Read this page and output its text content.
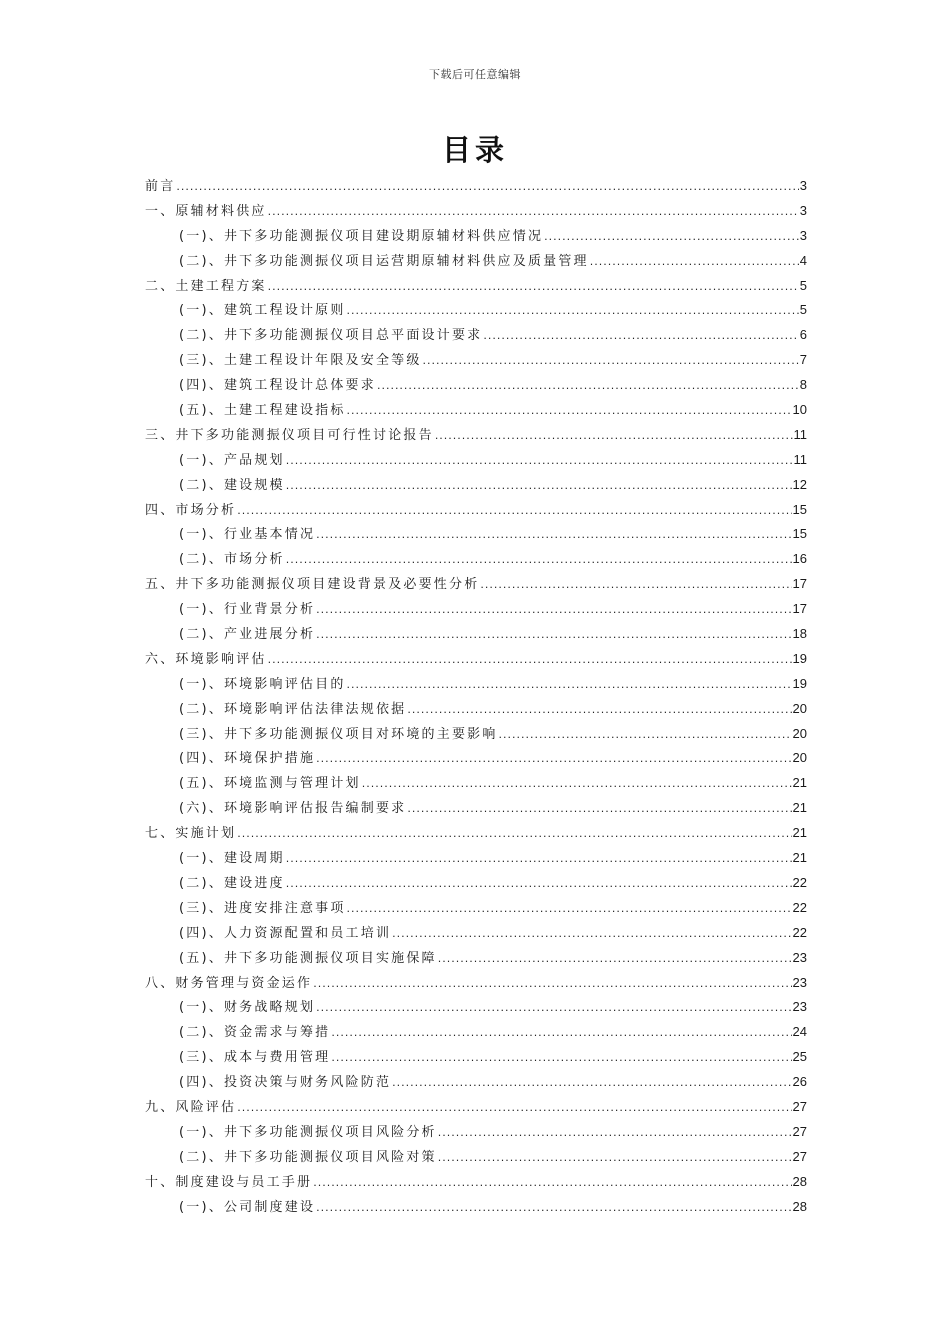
下载后可任意编辑
目录
前言 .....	3
一、原辅材料供应 .....	3
(一)、井下多功能测振仪项目建设期原辅材料供应情况 .....	3
(二)、井下多功能测振仪项目运营期原辅材料供应及质量管理 .....	4
二、土建工程方案 .....	5
(一)、建筑工程设计原则 .....	5
(二)、井下多功能测振仪项目总平面设计要求 .....	6
(三)、土建工程设计年限及安全等级 .....	7
(四)、建筑工程设计总体要求 .....	8
(五)、土建工程建设指标 .....	10
三、井下多功能测振仪项目可行性讨论报告 .....	11
(一)、产品规划 .....	11
(二)、建设规模 .....	12
四、市场分析 .....	15
(一)、行业基本情况 .....	15
(二)、市场分析 .....	16
五、井下多功能测振仪项目建设背景及必要性分析 .....	17
(一)、行业背景分析 .....	17
(二)、产业进展分析 .....	18
六、环境影响评估 .....	19
(一)、环境影响评估目的 .....	19
(二)、环境影响评估法律法规依据 .....	20
(三)、井下多功能测振仪项目对环境的主要影响 .....	20
(四)、环境保护措施 .....	20
(五)、环境监测与管理计划 .....	21
(六)、环境影响评估报告编制要求 .....	21
七、实施计划 .....	21
(一)、建设周期 .....	21
(二)、建设进度 .....	22
(三)、进度安排注意事项 .....	22
(四)、人力资源配置和员工培训 .....	22
(五)、井下多功能测振仪项目实施保障 .....	23
八、财务管理与资金运作 .....	23
(一)、财务战略规划 .....	23
(二)、资金需求与筹措 .....	24
(三)、成本与费用管理 .....	25
(四)、投资决策与财务风险防范 .....	26
九、风险评估 .....	27
(一)、井下多功能测振仪项目风险分析 .....	27
(二)、井下多功能测振仪项目风险对策 .....	27
十、制度建设与员工手册 .....	28
(一)、公司制度建设 .....	28
